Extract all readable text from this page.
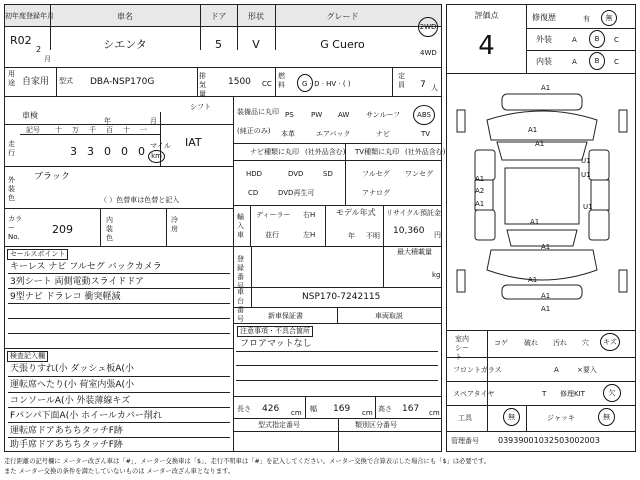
初年度登録年月	車名	ドア	形状	グレード
R02
2
月
シエンタ	5	V	G Cuero
2WD
4WD
用途 自家用 型式 DBA-NSP170G
排気量
1500 CC
燃料	G · D · HV · ( )
定員	7 人
車検
年	月
シフト
IAT
記号 十 万 千 百 十 一
走行	3 3 0 0 0 マイル
km
外装色
ブラック
（ ）色替車は色替と記入
カラーNo.
209
内装色
冷房
装備品に丸印
(純正のみ)
PS PW AW サンルーフ	ABS
本革	エアバック	ナビ	TV
ナビ種類に丸印 (社外品含む) TV種類に丸印 (社外品含む)
HDD	DVD	SD
CD	DVD再生可
フルセグ ワンセグ
アナログ
輸入車
ディーラー
並行
右H
左H
モデル年式
年 不明
リサイクル預託金
10,360 円
最大積載量
kg
登録番号
車台番号
NSP170-7242115
新車保証書	車両取説
セールスポイント
キーレス ナビ フルセグ バックカメラ
3列シート 両側電動スライドドア
9型ナビ ドラレコ 衝突軽減
注意事項・不具合箇所
フロアマットなし
検査記入欄
天張りすれ(小 ダッシュ板A(小
運転席へたり(小 荷室内張A(小
コンソールA(小 外装薄線キズ
Fパンパ下面A(小 ホイールカバー削れ
運転席ドアあちちタッチF跡
助手席ドアあちちタッチF跡
長さ 426 cm 幅 169 cm 高さ 167 cm
型式指定番号	類別区分番号
評価点
4
修復歴	有	無
外装	A	B	C
内装	A	B	C
A1
A1
A1
U1
U1
A1
A2
A1
A1
A1
U1
A1
A1
A1
室内シート
コゲ 破れ 汚れ 穴	キズ
フロントガラス	A	×要入
スペアタイヤ	T 修理KIT	欠
工具	無	ジャッキ	無
管理番号 0393900103250300200З
走行距離の記号欄に メーター改ざん車は「#」、メーター交換車は「$」、走行不明車は「#」を記入してください。メーター交換で合算表示した場合にも「$」は必要です。
また メーター交換の条件を満たしていないものは メーター改ざん車となります。
